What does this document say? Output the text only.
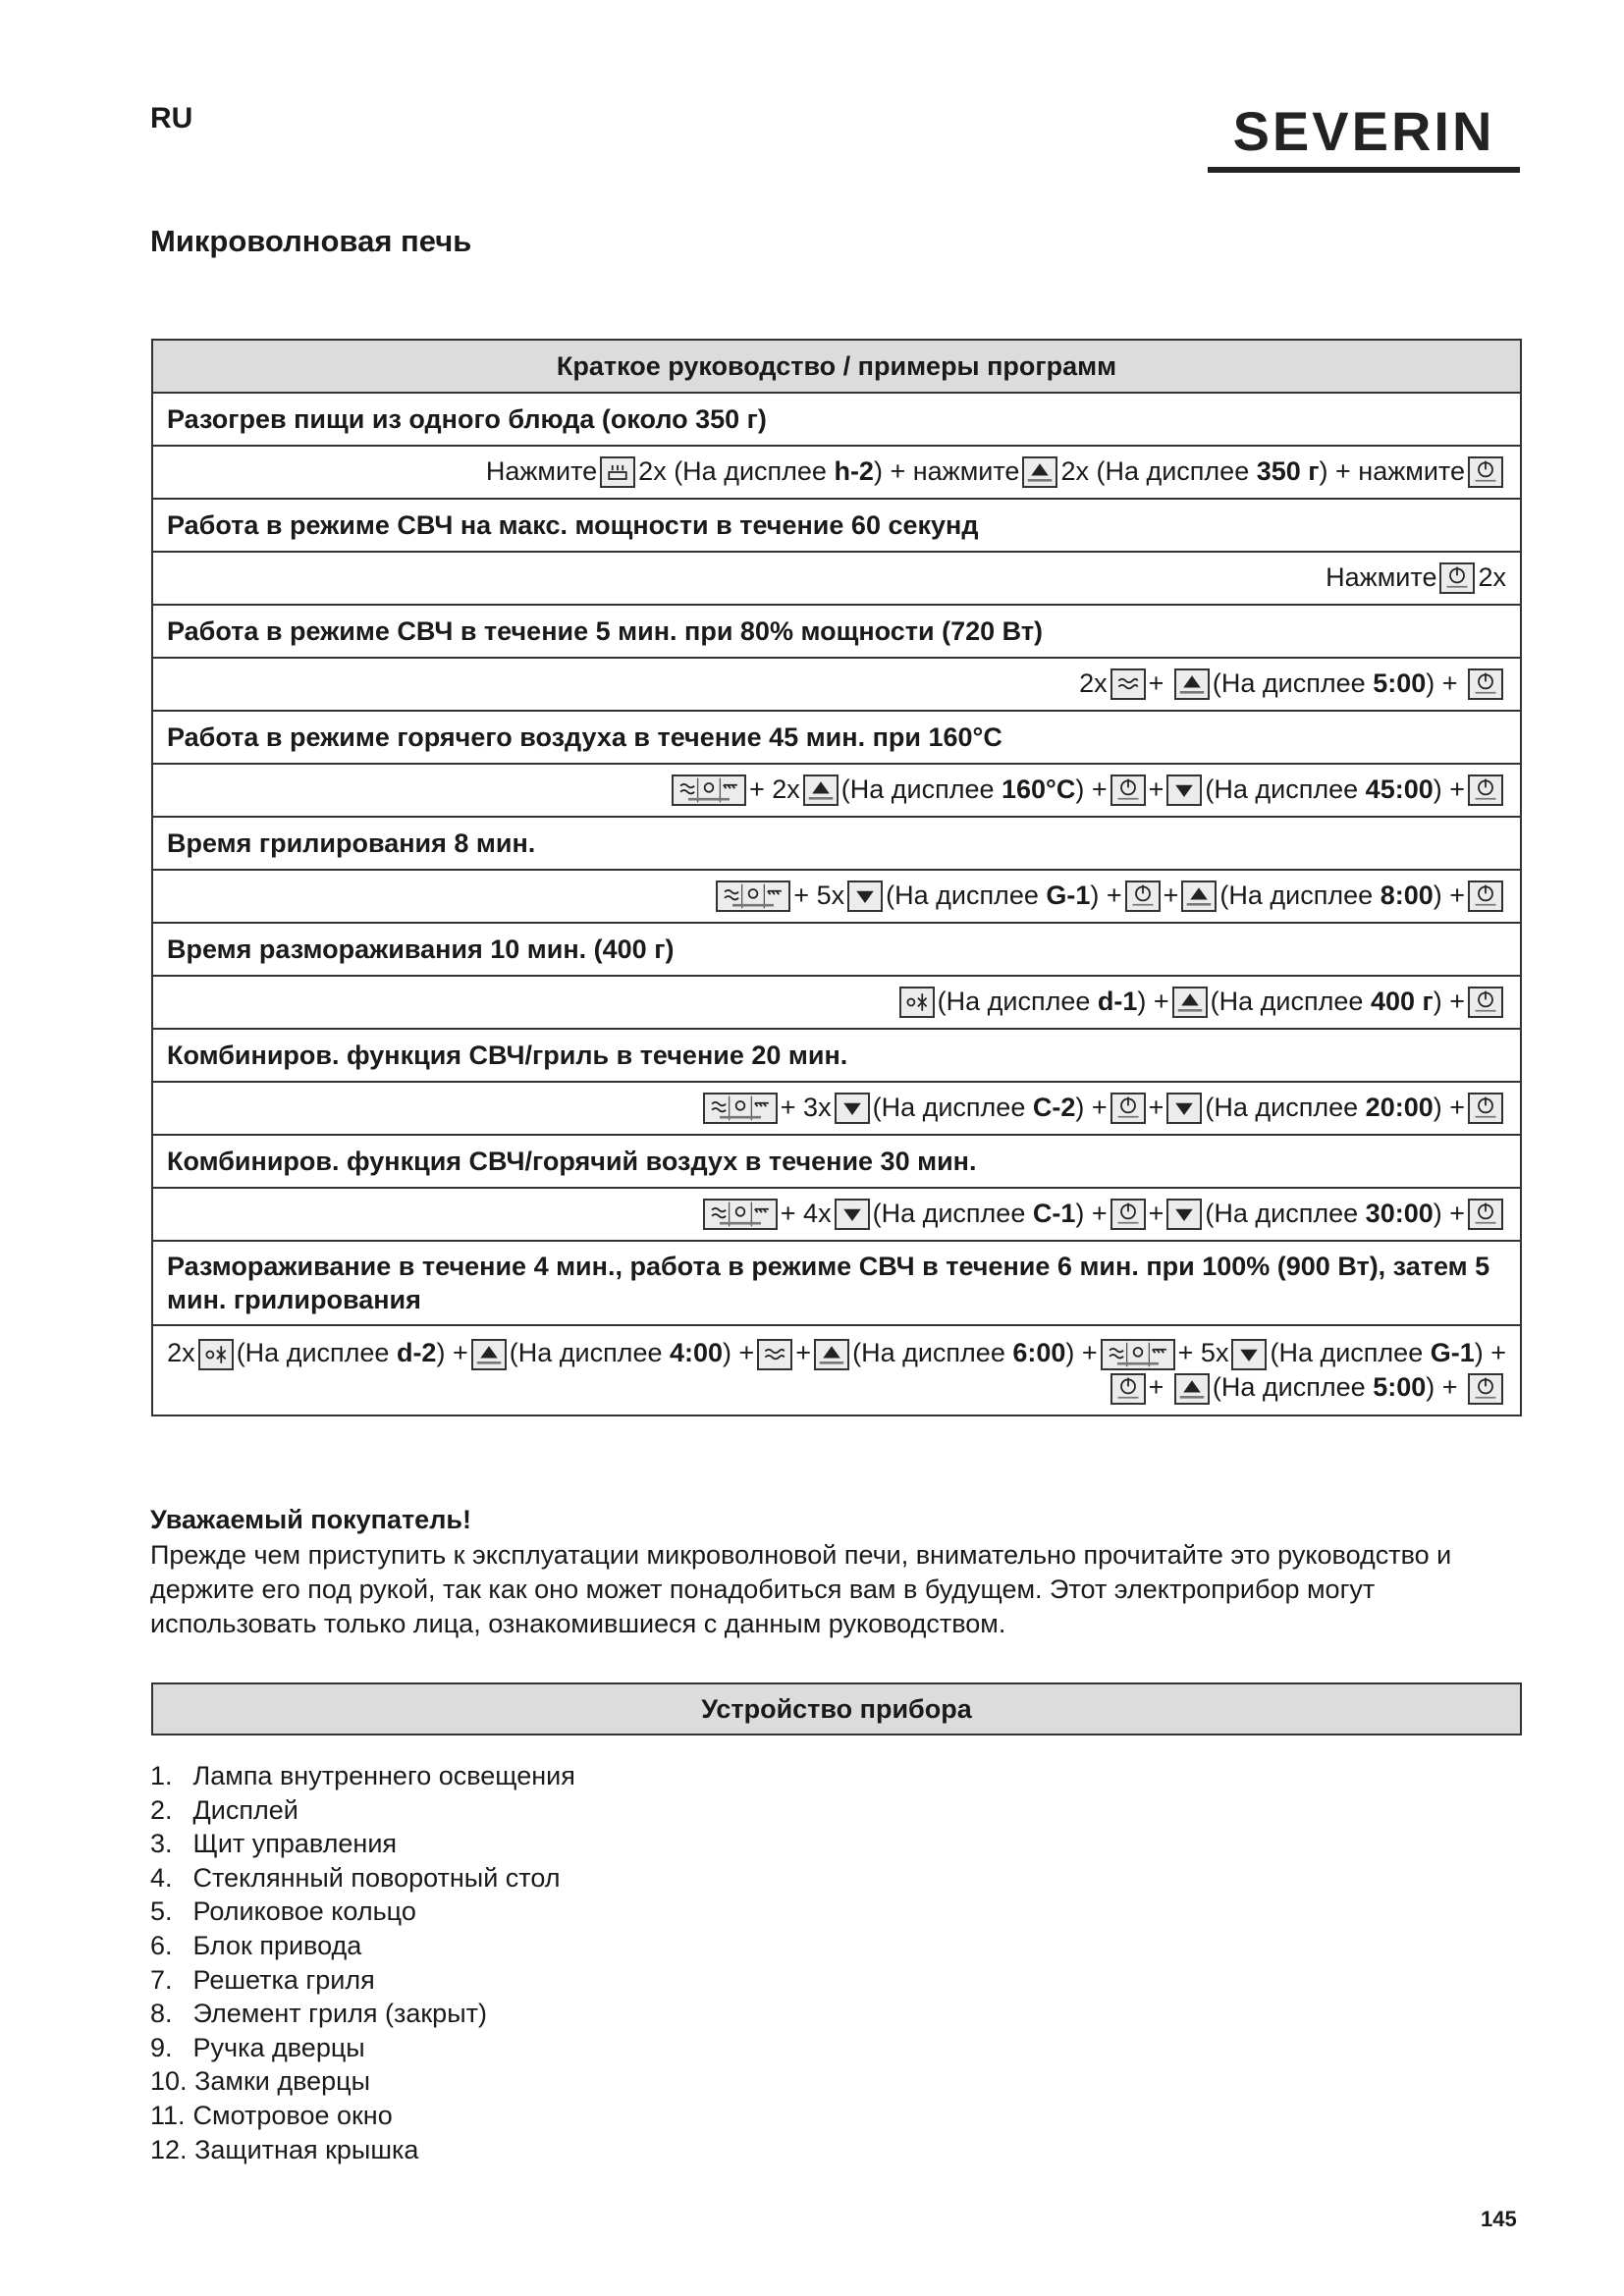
RU	SEVERIN
Микроволновая печь
Краткое руководство / примеры программ
Разогрев пищи из одного блюда (около 350 г)

Нажмите 2x (На дисплее h-2) + нажмите 2x (На дисплее 350 г) + нажмите

Работа в режиме СВЧ на макс. мощности в течение 60 секунд

Нажмите 2x

Работа в режиме СВЧ в течение 5 мин. при 80% мощности (720 Вт)

2x +
(На дисплее 5:00) +

Работа в режиме горячего воздуха в течение 45 мин. при 160°C

+ 2x (На дисплее 160°C) + + (На дисплее 45:00) +

Время грилирования 8 мин.

+ 5x (На дисплее G-1) + + (На дисплее 8:00) +

Время размораживания 10 мин. (400 г)

(На дисплее d-1) + (На дисплее 400 г) +

Комбиниров. функция СВЧ/гриль в течение 20 мин.

+ 3x (На дисплее C-2) + + (На дисплее 20:00) +

Комбиниров. функция СВЧ/горячий воздух в течение 30 мин.

+ 4x (На дисплее C-1) + + (На дисплее 30:00) +

Размораживание в течение 4 мин., работа в режиме СВЧ в течение 6 мин. при 100% (900 Вт), затем 5 мин. грилирования

2x (На дисплее d-2) + (На дисплее 4:00) + + (На дисплее 6:00) +	+ 5x (На дисплее G-1) +
+
(На дисплее 5:00) +
Уважаемый покупатель!
Прежде чем приступить к эксплуатации микроволновой печи, внимательно прочитайте это руководство и держите его под рукой, так как оно может понадобиться вам в будущем. Этот электроприбор могут использовать только лица, ознакомившиеся с данным руководством.
Устройство прибора
1. Лампа внутреннего освещения
2. Дисплей
3. Щит управления
4. Стеклянный поворотный стол
5. Роликовое кольцо
6. Блок привода
7. Решетка гриля
8. Элемент гриля (закрыт)
9. Ручка дверцы
10. Замки дверцы
11. Смотровое окно
12. Защитная крышка
145
